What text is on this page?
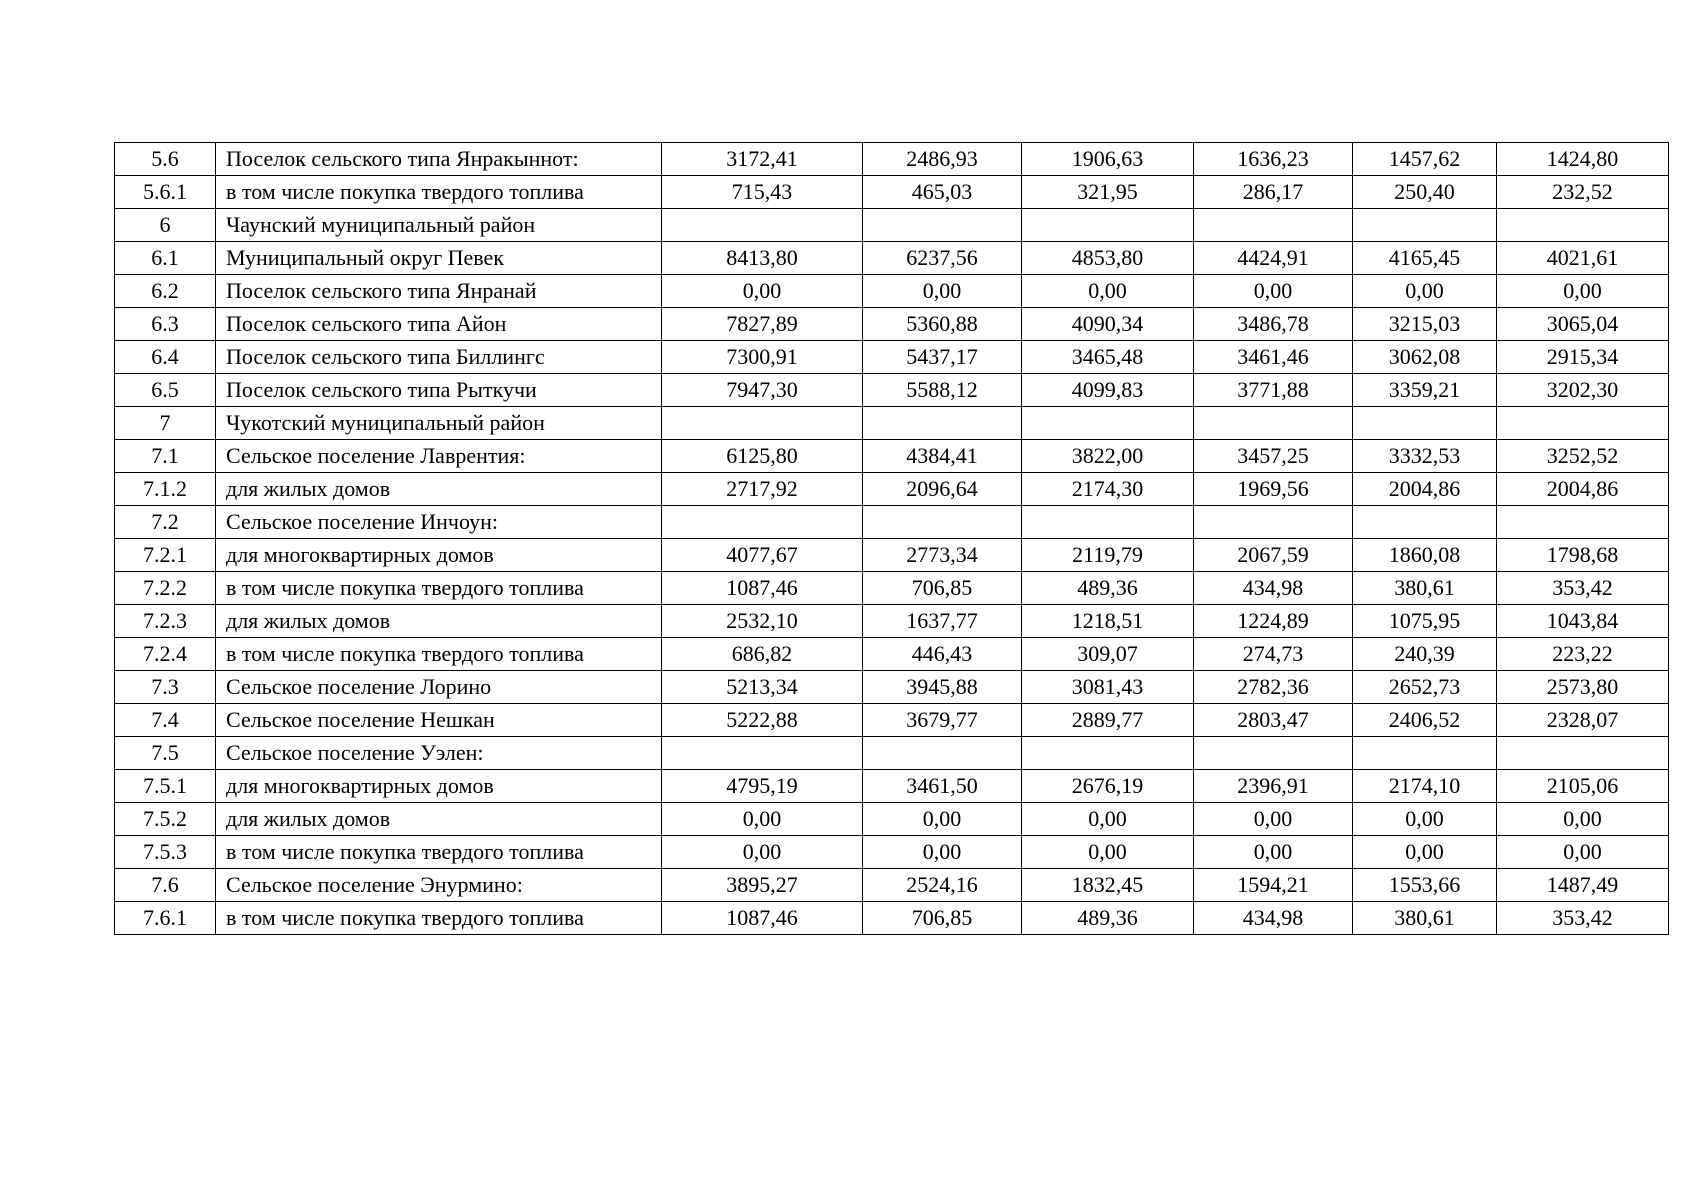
5.6	Поселок сельского типа Янракыннот:	3172,41	2486,93	1906,63	1636,23	1457,62	1424,80
5.6.1	в том числе покупка твердого топлива	715,43	465,03	321,95	286,17	250,40	232,52
6	Чаунский муниципальный район						
6.1	Муниципальный округ Певек	8413,80	6237,56	4853,80	4424,91	4165,45	4021,61
6.2	Поселок сельского типа Янранай	0,00	0,00	0,00	0,00	0,00	0,00
6.3	Поселок сельского типа Айон	7827,89	5360,88	4090,34	3486,78	3215,03	3065,04
6.4	Поселок сельского типа Биллингс	7300,91	5437,17	3465,48	3461,46	3062,08	2915,34
6.5	Поселок сельского типа Рыткучи	7947,30	5588,12	4099,83	3771,88	3359,21	3202,30
7	Чукотский муниципальный район						
7.1	Сельское поселение Лаврентия:	6125,80	4384,41	3822,00	3457,25	3332,53	3252,52
7.1.2	для жилых домов	2717,92	2096,64	2174,30	1969,56	2004,86	2004,86
7.2	Сельское поселение Инчоун:						
7.2.1	для многоквартирных домов	4077,67	2773,34	2119,79	2067,59	1860,08	1798,68
7.2.2	в том числе покупка твердого топлива	1087,46	706,85	489,36	434,98	380,61	353,42
7.2.3	для жилых домов	2532,10	1637,77	1218,51	1224,89	1075,95	1043,84
7.2.4	в том числе покупка твердого топлива	686,82	446,43	309,07	274,73	240,39	223,22
7.3	Сельское поселение Лорино	5213,34	3945,88	3081,43	2782,36	2652,73	2573,80
7.4	Сельское поселение Нешкан	5222,88	3679,77	2889,77	2803,47	2406,52	2328,07
7.5	Сельское поселение Уэлен:						
7.5.1	для многоквартирных домов	4795,19	3461,50	2676,19	2396,91	2174,10	2105,06
7.5.2	для жилых домов	0,00	0,00	0,00	0,00	0,00	0,00
7.5.3	в том числе покупка твердого топлива	0,00	0,00	0,00	0,00	0,00	0,00
7.6	Сельское поселение Энурмино:	3895,27	2524,16	1832,45	1594,21	1553,66	1487,49
7.6.1	в том числе покупка твердого топлива	1087,46	706,85	489,36	434,98	380,61	353,42
